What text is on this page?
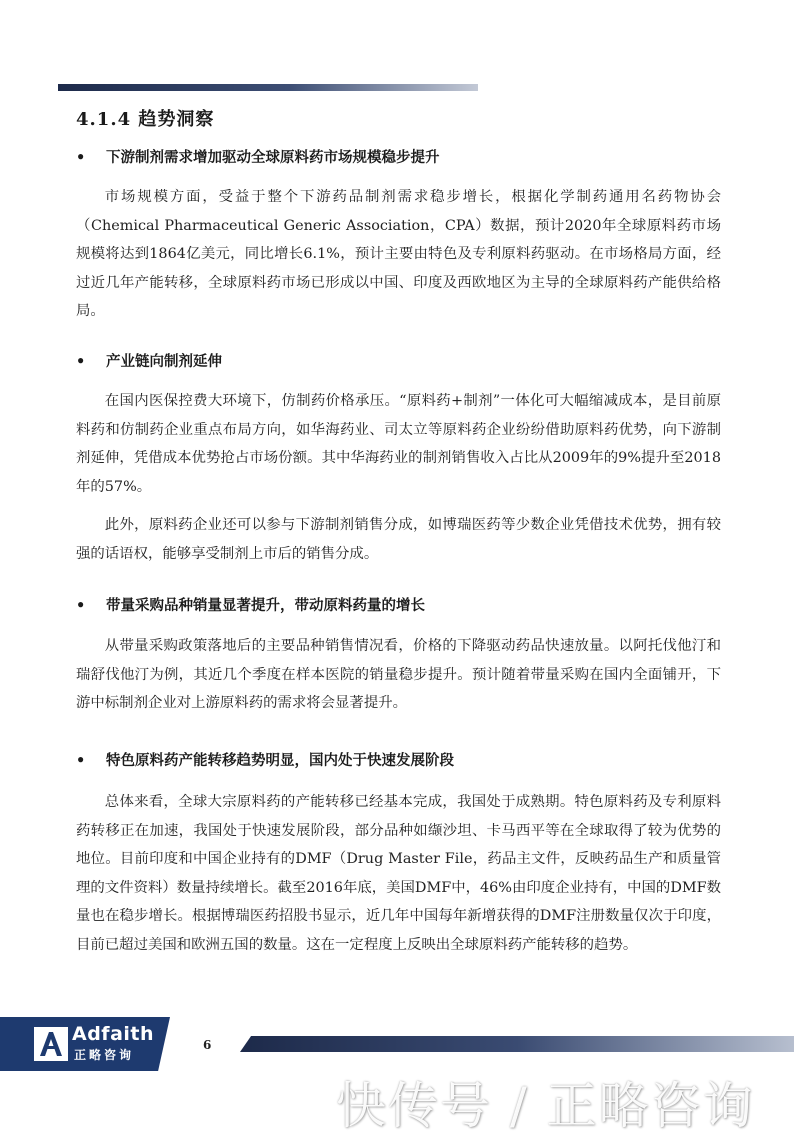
4.1.4 趋势洞察
• 下游制剂需求增加驱动全球原料药市场规模稳步提升
市场规模方面，受益于整个下游药品制剂需求稳步增长，根据化学制药通用名药物协会（Chemical Pharmaceutical Generic Association，CPA）数据，预计2020年全球原料药市场规模将达到1864亿美元，同比增长6.1%，预计主要由特色及专利原料药驱动。在市场格局方面，经过近几年产能转移，全球原料药市场已形成以中国、印度及西欧地区为主导的全球原料药产能供给格局。
• 产业链向制剂延伸
在国内医保控费大环境下，仿制药价格承压。“原料药+制剂”一体化可大幅缩减成本，是目前原料药和仿制药企业重点布局方向，如华海药业、司太立等原料药企业纷纷借助原料药优势，向下游制剂延伸，凭借成本优势抢占市场份额。其中华海药业的制剂销售收入占比从2009年的9%提升至2018年的57%。
此外，原料药企业还可以参与下游制剂销售分成，如博瑞医药等少数企业凭借技术优势，拥有较强的话语权，能够享受制剂上市后的销售分成。
• 带量采购品种销量显著提升，带动原料药量的增长
从带量采购政策落地后的主要品种销售情况看，价格的下降驱动药品快速放量。以阿托伐他汀和瑞舒伐他汀为例，其近几个季度在样本医院的销量稳步提升。预计随着带量采购在国内全面铺开，下游中标制剂企业对上游原料药的需求将会显著提升。
• 特色原料药产能转移趋势明显，国内处于快速发展阶段
总体来看，全球大宗原料药的产能转移已经基本完成，我国处于成熟期。特色原料药及专利原料药转移正在加速，我国处于快速发展阶段，部分品种如缬沙坦、卡马西平等在全球取得了较为优势的地位。目前印度和中国企业持有的DMF（Drug Master File，药品主文件，反映药品生产和质量管理的文件资料）数量持续增长。截至2016年底，美国DMF中，46%由印度企业持有，中国的DMF数量也在稳步增长。根据博瑞医药招股书显示，近几年中国每年新增获得的DMF注册数量仅次于印度，目前已超过美国和欧洲五国的数量。这在一定程度上反映出全球原料药产能转移的趋势。
Adfaith
正略咨询
6
快传号 / 正略咨询
